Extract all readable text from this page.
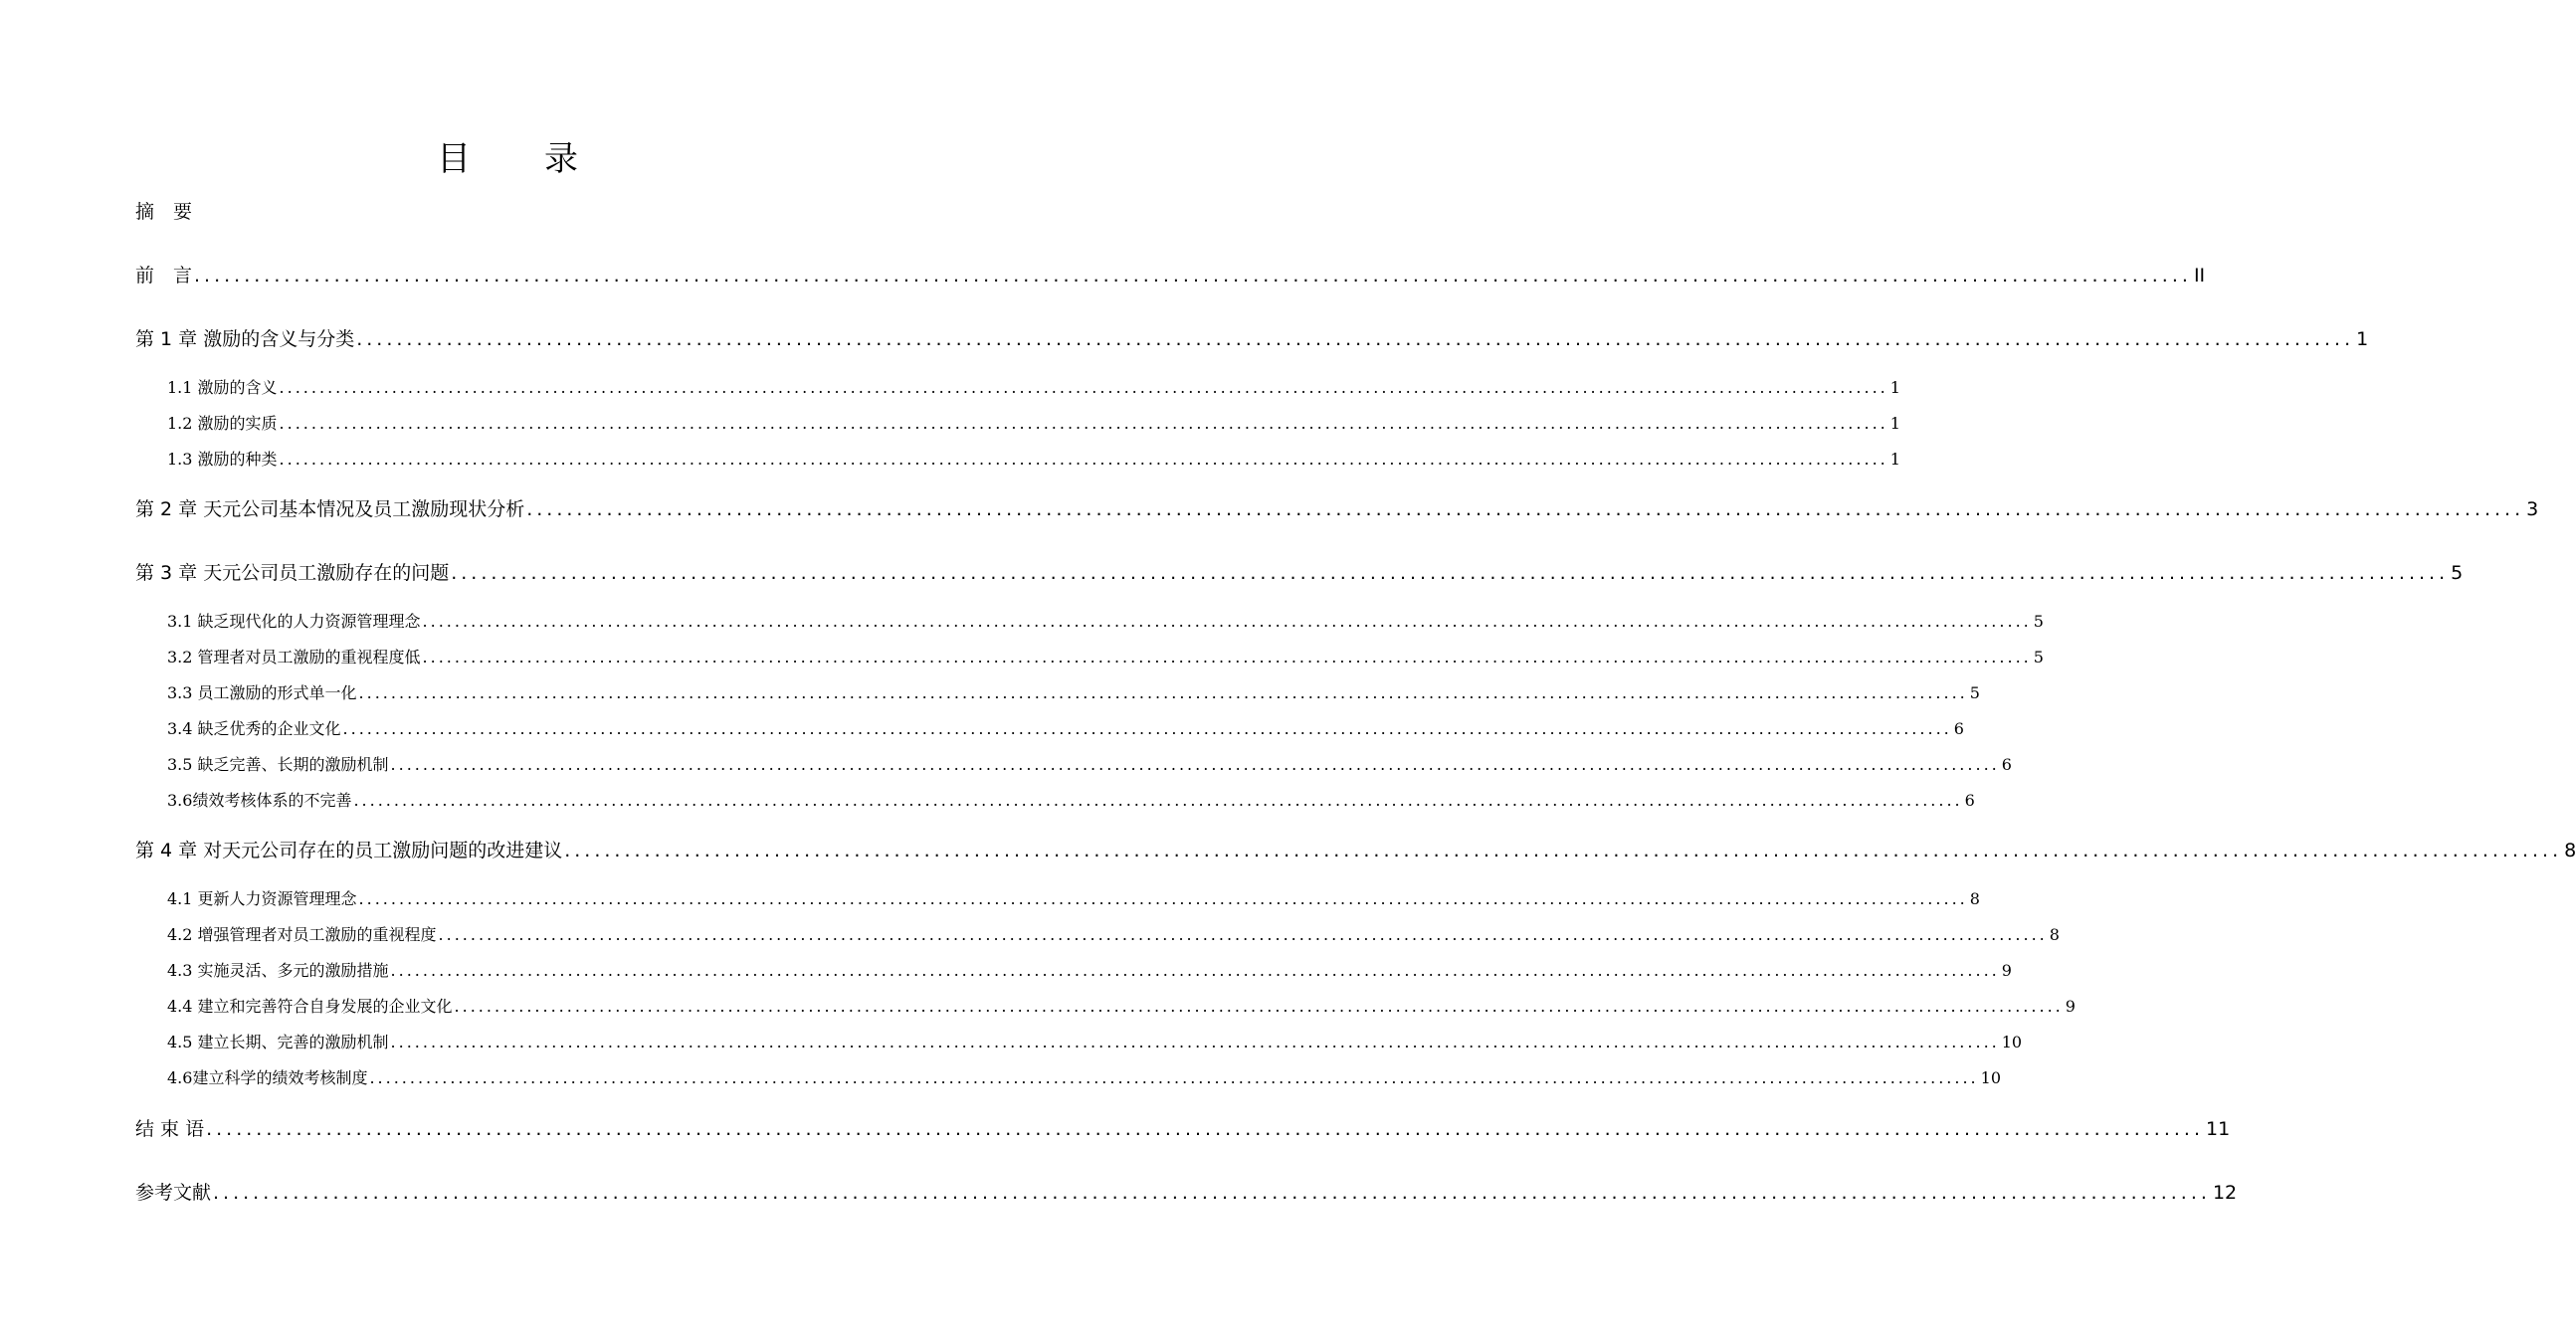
目 录
摘　要
前　言 ........................................................................................................................................................................................................ II
第 1 章 激励的含义与分类 ........................................................................................................................................................................................................ 1
1.1 激励的含义 ........................................................................................................................................................................................................ 1
1.2 激励的实质 ........................................................................................................................................................................................................ 1
1.3 激励的种类 ........................................................................................................................................................................................................ 1
第 2 章 天元公司基本情况及员工激励现状分析 ........................................................................................................................................................................................................ 3
第 3 章 天元公司员工激励存在的问题 ........................................................................................................................................................................................................ 5
3.1 缺乏现代化的人力资源管理理念 ........................................................................................................................................................................................................ 5
3.2 管理者对员工激励的重视程度低 ........................................................................................................................................................................................................ 5
3.3 员工激励的形式单一化 ........................................................................................................................................................................................................ 5
3.4 缺乏优秀的企业文化 ........................................................................................................................................................................................................ 6
3.5 缺乏完善、长期的激励机制 ........................................................................................................................................................................................................ 6
3.6绩效考核体系的不完善 ........................................................................................................................................................................................................ 6
第 4 章 对天元公司存在的员工激励问题的改进建议 ........................................................................................................................................................................................................ 8
4.1 更新人力资源管理理念 ........................................................................................................................................................................................................ 8
4.2 增强管理者对员工激励的重视程度 ........................................................................................................................................................................................................ 8
4.3 实施灵活、多元的激励措施 ........................................................................................................................................................................................................ 9
4.4 建立和完善符合自身发展的企业文化 ........................................................................................................................................................................................................ 9
4.5 建立长期、完善的激励机制 ........................................................................................................................................................................................................ 10
4.6建立科学的绩效考核制度 ........................................................................................................................................................................................................ 10
结 束 语 ........................................................................................................................................................................................................ 11
参考文献 ........................................................................................................................................................................................................ 12
